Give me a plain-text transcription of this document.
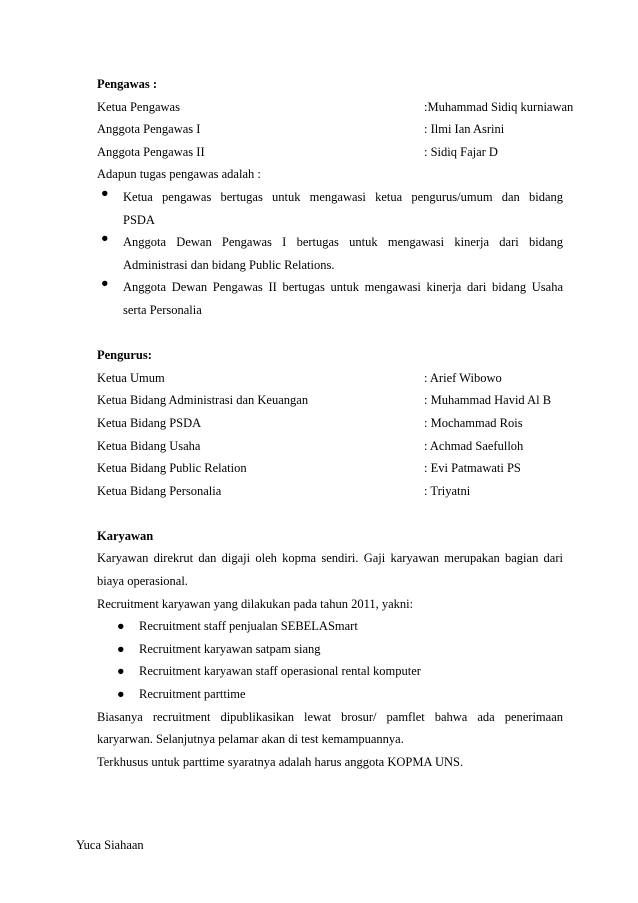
Pengawas :
Ketua Pengawas	:Muhammad Sidiq kurniawan
Anggota Pengawas I	: Ilmi Ian Asrini
Anggota Pengawas II	: Sidiq Fajar D
Adapun tugas pengawas adalah :
●	Ketua pengawas bertugas untuk mengawasi ketua pengurus/umum dan bidang
PSDA
●	Anggota Dewan Pengawas I bertugas untuk mengawasi kinerja dari bidang
Administrasi dan bidang Public Relations.
●	Anggota Dewan Pengawas II bertugas untuk mengawasi kinerja dari bidang Usaha
serta Personalia
Pengurus:
Ketua Umum	: Arief Wibowo
Ketua Bidang Administrasi dan Keuangan	: Muhammad Havid Al B
Ketua Bidang PSDA	: Mochammad Rois
Ketua Bidang Usaha	: Achmad Saefulloh
Ketua Bidang Public Relation	: Evi Patmawati PS
Ketua Bidang Personalia	: Triyatni
Karyawan
Karyawan direkrut dan digaji oleh kopma sendiri. Gaji karyawan merupakan bagian dari
biaya operasional.
Recruitment karyawan yang dilakukan pada tahun 2011, yakni:
● Recruitment staff penjualan SEBELASmart
● Recruitment karyawan satpam siang
● Recruitment karyawan staff operasional rental komputer
● Recruitment parttime
Biasanya recruitment dipublikasikan lewat brosur/ pamflet bahwa ada penerimaan
karyarwan. Selanjutnya pelamar akan di test kemampuannya.
Terkhusus untuk parttime syaratnya adalah harus anggota KOPMA UNS.
Yuca Siahaan
